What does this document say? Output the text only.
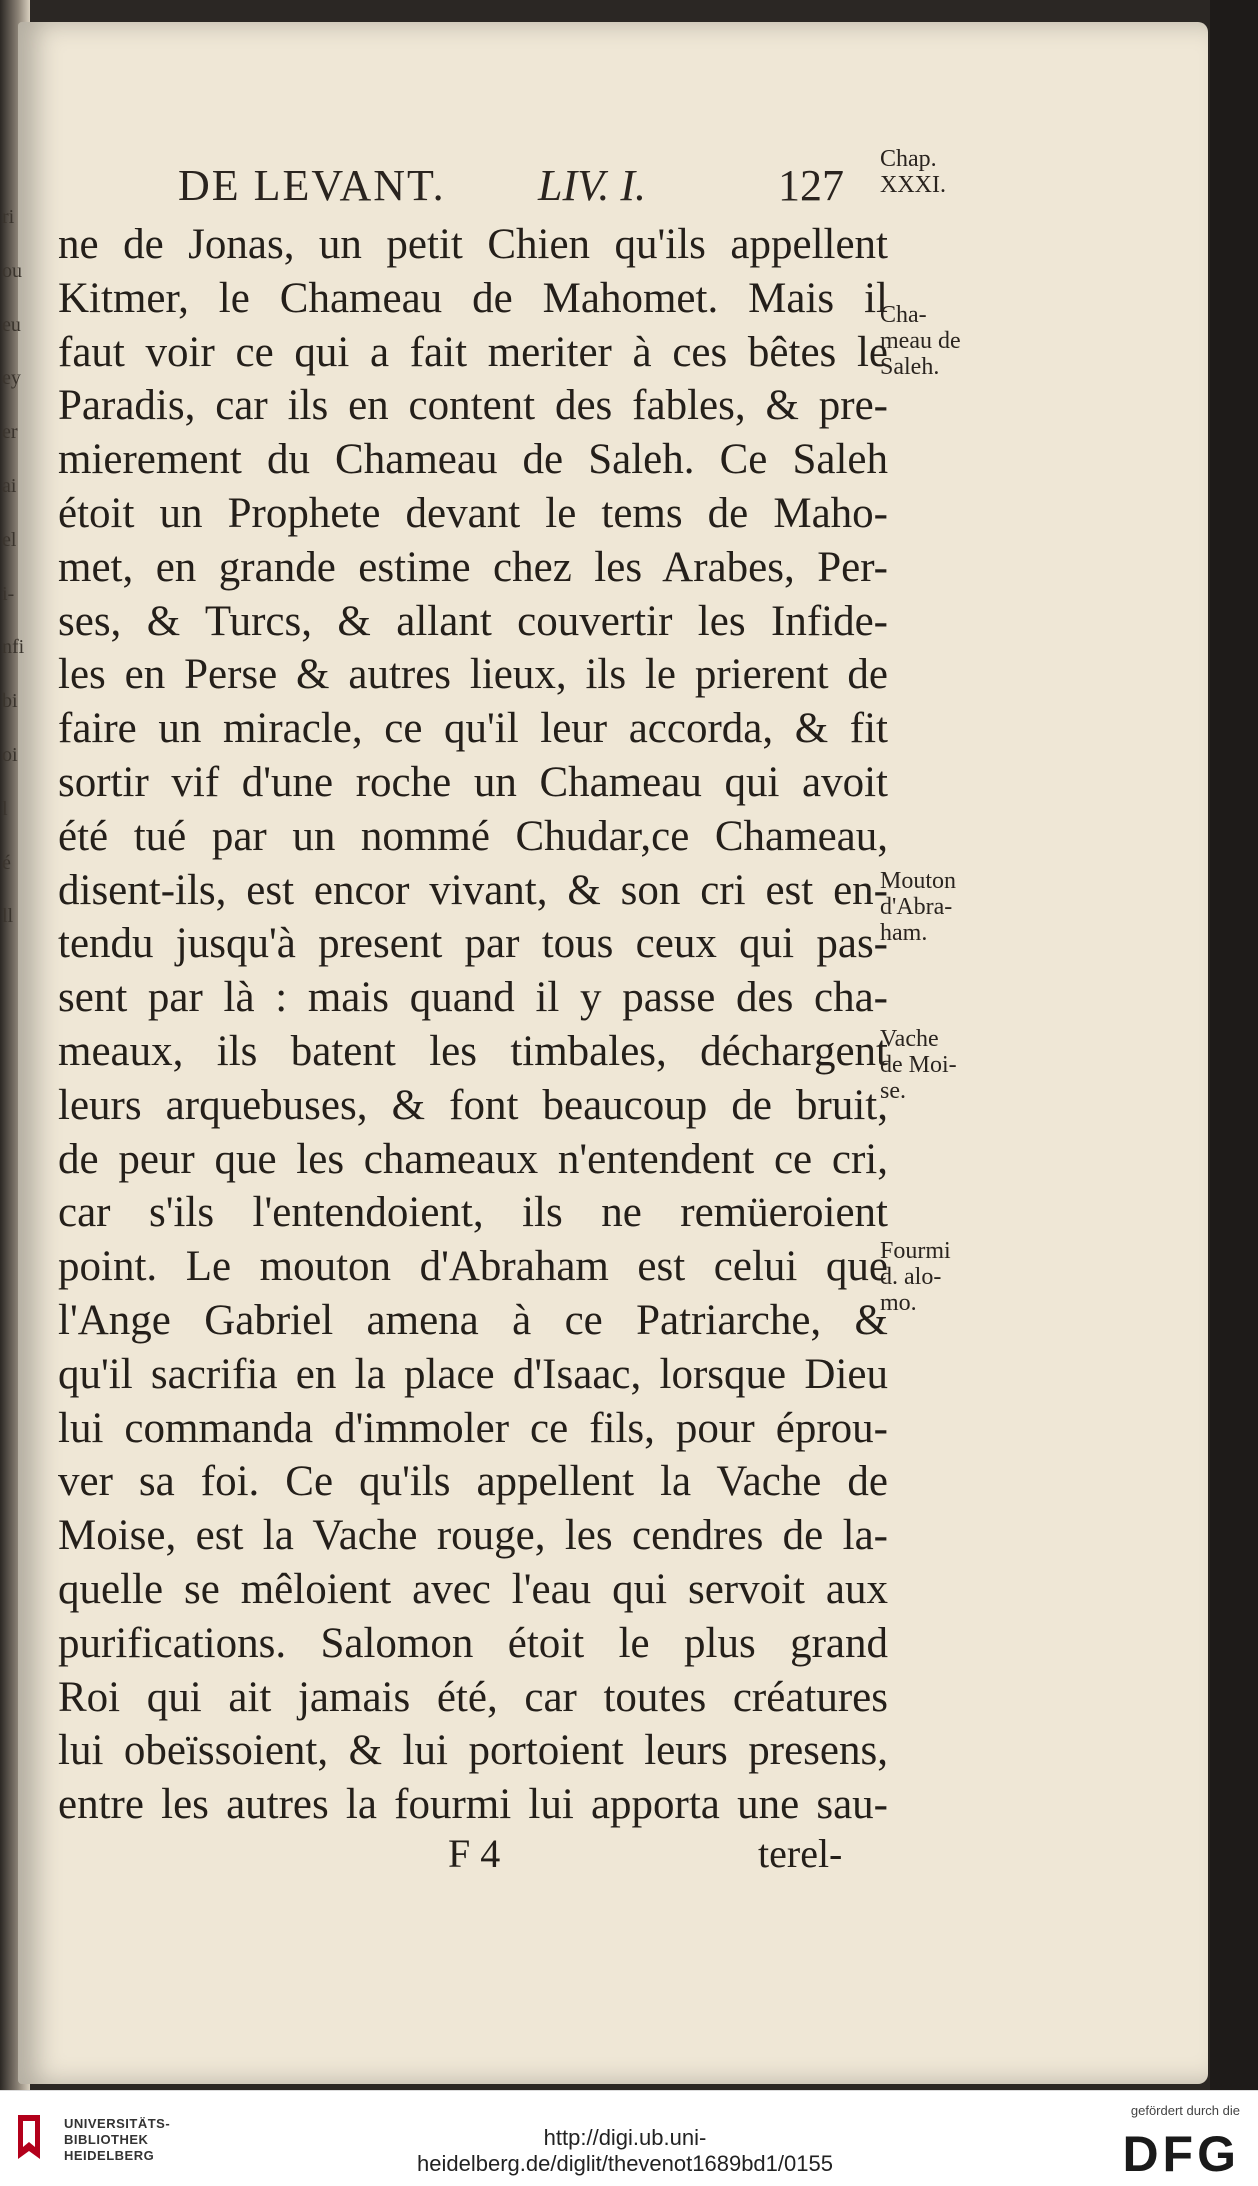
DE LEVANT. LIV. I.	127
ne de Jonas, un petit Chien qu'ils appellent
Kitmer, le Chameau de Mahomet. Mais il
faut voir ce qui a fait meriter à ces bêtes le
Paradis, car ils en content des fables, & pre-
mierement du Chameau de Saleh. Ce Saleh
étoit un Prophete devant le tems de Maho-
met, en grande estime chez les Arabes, Per-
ses, & Turcs, & allant couvertir les Infide-
les en Perse & autres lieux, ils le prierent de
faire un miracle, ce qu'il leur accorda, & fit
sortir vif d'une roche un Chameau qui avoit
été tué par un nommé Chudar,ce Chameau,
disent-ils, est encor vivant, & son cri est en-
tendu jusqu'à present par tous ceux qui pas-
sent par là : mais quand il y passe des cha-
meaux, ils batent les timbales, déchargent
leurs arquebuses, & font beaucoup de bruit,
de peur que les chameaux n'entendent ce cri,
car s'ils l'entendoient, ils ne remüeroient
point. Le mouton d'Abraham est celui que
l'Ange Gabriel amena à ce Patriarche, &
qu'il sacrifia en la place d'Isaac, lorsque Dieu
lui commanda d'immoler ce fils, pour éprou-
ver sa foi. Ce qu'ils appellent la Vache de
Moise, est la Vache rouge, les cendres de la-
quelle se mêloient avec l'eau qui servoit aux
purifications. Salomon étoit le plus grand
Roi qui ait jamais été, car toutes créatures
lui obeïssoient, & lui portoient leurs presens,
entre les autres la fourmi lui apporta une sau-
Chap.
XXXI.
Cha-
meau de
Saleh.
Mouton
d'Abra-
ham.
Vache
de Moi-
se.
Fourmi
d. alo-
mo.
F 4	terel-
ri
ou
eu
ey
er
ai
el
i-
nfi
bi
oi
l
é
ll
UNIVERSITÄTS-
BIBLIOTHEK
HEIDELBERG
http://digi.ub.uni-heidelberg.de/diglit/thevenot1689bd1/0155
gefördert durch die
DFG
